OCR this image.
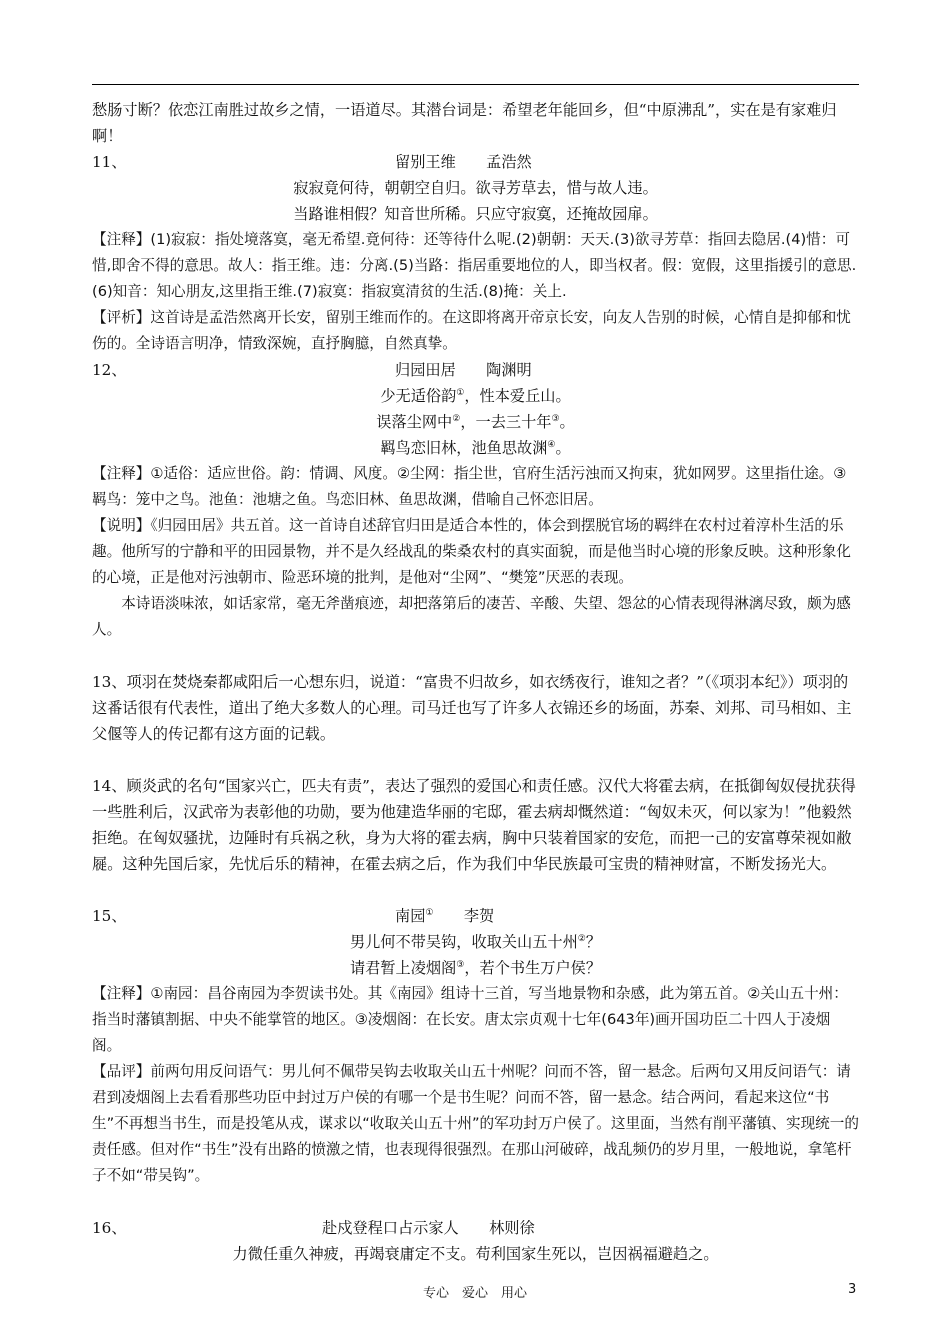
愁肠寸断？依恋江南胜过故乡之情，一语道尽。其潜台词是：希望老年能回乡，但“中原沸乱”，实在是有家难归啊！

11、	留别王维　　孟浩然

寂寂竟何待，朝朝空自归。欲寻芳草去，惜与故人违。

当路谁相假？知音世所稀。只应守寂寞，还掩故园扉。

【注释】(1)寂寂：指处境落寞，毫无希望.竟何待：还等待什么呢.(2)朝朝：天天.(3)欲寻芳草：指回去隐居.(4)惜：可惜,即舍不得的意思。故人：指王维。违：分离.(5)当路：指居重要地位的人，即当权者。假：宽假，这里指援引的意思.(6)知音：知心朋友,这里指王维.(7)寂寞：指寂寞清贫的生活.(8)掩：关上.

【评析】这首诗是孟浩然离开长安，留别王维而作的。在这即将离开帝京长安，向友人告别的时候，心情自是抑郁和忧伤的。全诗语言明净，情致深婉，直抒胸臆，自然真挚。

12、	归园田居　　陶渊明

少无适俗韵①，性本爱丘山。

误落尘网中②，一去三十年③。

羁鸟恋旧林，池鱼思故渊④。

【注释】①适俗：适应世俗。韵：情调、风度。②尘网：指尘世，官府生活污浊而又拘束，犹如网罗。这里指仕途。③羁鸟：笼中之鸟。池鱼：池塘之鱼。鸟恋旧林、鱼思故渊，借喻自己怀恋旧居。

【说明】《归园田居》共五首。这一首诗自述辞官归田是适合本性的，体会到摆脱官场的羁绊在农村过着淳朴生活的乐趣。他所写的宁静和平的田园景物，并不是久经战乱的柴桑农村的真实面貌，而是他当时心境的形象反映。这种形象化的心境，正是他对污浊朝市、险恶环境的批判，是他对“尘网”、“樊笼”厌恶的表现。

本诗语淡味浓，如话家常，毫无斧凿痕迹，却把落第后的凄苦、辛酸、失望、怨忿的心情表现得淋漓尽致，颇为感人。

13、项羽在焚烧秦都咸阳后一心想东归，说道：“富贵不归故乡，如衣绣夜行，谁知之者？”（《项羽本纪》）项羽的这番话很有代表性，道出了绝大多数人的心理。司马迁也写了许多人衣锦还乡的场面，苏秦、刘邦、司马相如、主父偃等人的传记都有这方面的记载。

14、顾炎武的名句“国家兴亡，匹夫有责”，表达了强烈的爱国心和责任感。汉代大将霍去病，在抵御匈奴侵扰获得一些胜利后，汉武帝为表彰他的功勋，要为他建造华丽的宅邸，霍去病却慨然道：“匈奴未灭，何以家为！”他毅然拒绝。在匈奴骚扰，边陲时有兵祸之秋，身为大将的霍去病，胸中只装着国家的安危，而把一己的安富尊荣视如敝屣。这种先国后家，先忧后乐的精神，在霍去病之后，作为我们中华民族最可宝贵的精神财富，不断发扬光大。

15、	南园①　　李贺

男儿何不带吴钩，收取关山五十州②？

请君暂上凌烟阁③，若个书生万户侯？

【注释】①南园：昌谷南园为李贺读书处。其《南园》组诗十三首，写当地景物和杂感，此为第五首。②关山五十州：指当时藩镇割据、中央不能掌管的地区。③凌烟阁：在长安。唐太宗贞观十七年(643年)画开国功臣二十四人于凌烟阁。

【品评】前两句用反问语气：男儿何不佩带吴钩去收取关山五十州呢？问而不答，留一悬念。后两句又用反问语气：请君到凌烟阁上去看看那些功臣中封过万户侯的有哪一个是书生呢？问而不答，留一悬念。结合两问，看起来这位“书生”不再想当书生，而是投笔从戎，谋求以“收取关山五十州”的军功封万户侯了。这里面，当然有削平藩镇、实现统一的责任感。但对作“书生”没有出路的愤激之情，也表现得很强烈。在那山河破碎，战乱频仍的岁月里，一般地说，拿笔杆子不如“带吴钩”。

16、	赴戍登程口占示家人　　林则徐

力微任重久神疲，再竭衰庸定不支。苟利国家生死以，岂因祸福避趋之。

专心　爱心　用心	3
